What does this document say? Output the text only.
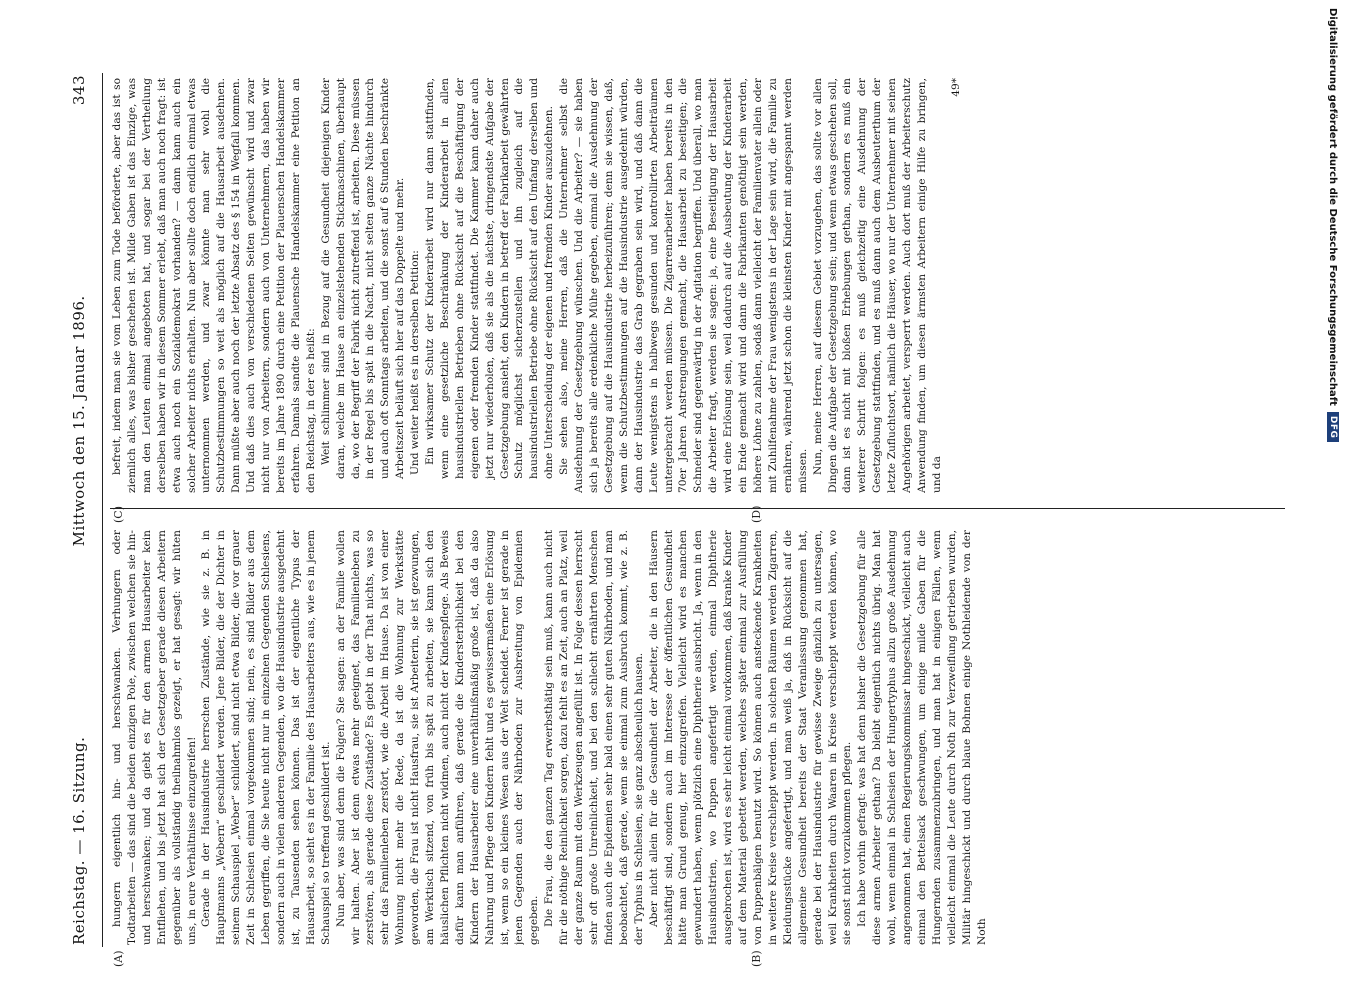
Reichstag. — 16. Sitzung.
Mittwoch den 15. Januar 1896.
343
(A)	(B)
(C)	(D)

hungern eigentlich hin- und herschwanken. Verhungern oder Todtarbeiten — das sind die beiden einzigen Pole, zwischen welchen sie hin- und herschwanken; und da giebt es für den armen Hausarbeiter kein Entfliehen, und bis jetzt hat sich der Gesetzgeber gerade diesen Arbeitern gegenüber als vollständig theilnahmlos gezeigt, er hat gesagt: wir hüten uns, in eure Verhältnisse einzugreifen! Gerade in der Hausindustrie herrschen Zustände, wie sie z. B. in Hauptmanns „Webern“ geschildert werden. Jene Bilder, die der Dichter in seinem Schauspiel „Weber“ schildert, sind nicht etwa Bilder, die vor grauer Zeit in Schlesien einmal vorgekommen sind; nein, es sind Bilder aus dem Leben gegriffen, die Sie heute nicht nur in einzelnen Gegenden Schlesiens, sondern auch in vielen anderen Gegenden, wo die Hausindustrie ausgedehnt ist, zu Tausenden sehen können. Das ist der eigentliche Typus der Hausarbeit, so sieht es in der Familie des Hausarbeiters aus, wie es in jenem Schauspiel so treffend geschildert ist. Nun aber, was sind denn die Folgen? Sie sagen: an der Familie wollen wir halten. Aber ist denn etwas mehr geeignet, das Familienleben zu zerstören, als gerade diese Zustände? Es giebt in der That nichts, was so sehr das Familienleben zerstört, wie die Arbeit im Hause. Da ist von einer Wohnung nicht mehr die Rede, da ist die Wohnung zur Werkstätte geworden, die Frau ist nicht Hausfrau, sie ist Arbeiterin, sie ist gezwungen, am Werktisch sitzend, von früh bis spät zu arbeiten, sie kann sich den häuslichen Pflichten nicht widmen, auch nicht der Kindespflege. Als Beweis dafür kann man anführen, daß gerade die Kindersterblichkeit bei den Kindern der Hausarbeiter eine unverhältnißmäßig große ist, daß da also Nahrung und Pflege den Kindern fehlt und es gewissermaßen eine Erlösung ist, wenn so ein kleines Wesen aus der Welt scheidet. Ferner ist gerade in jenen Gegenden auch der Nährboden zur Ausbreitung von Epidemien gegeben. Die Frau, die den ganzen Tag erwerbsthätig sein muß, kann auch nicht für die nöthige Reinlichkeit sorgen, dazu fehlt es an Zeit, auch an Platz, weil der ganze Raum mit den Werkzeugen angefüllt ist. In Folge dessen herrscht sehr oft große Unreinlichkeit, und bei den schlecht ernährten Menschen finden auch die Epidemien sehr bald einen sehr guten Nährboden, und man beobachtet, daß gerade, wenn sie einmal zum Ausbruch kommt, wie z. B. der Typhus in Schlesien, sie ganz abscheulich hausen. Aber nicht allein für die Gesundheit der Arbeiter, die in den Häusern beschäftigt sind, sondern auch im Interesse der öffentlichen Gesundheit hätte man Grund genug, hier einzugreifen. Vielleicht wird es manchen gewundert haben, wenn plötzlich eine Diphtherie ausbricht. Ja, wenn in den Hausindustrien, wo Puppen angefertigt werden, einmal Diphtherie ausgebrochen ist, wird es sehr leicht einmal vorkommen, daß kranke Kinder auf dem Material gebettet werden, welches später einmal zur Ausfüllung von Puppenbälgen benutzt wird. So können auch ansteckende Krankheiten in weitere Kreise verschleppt werden. In solchen Räumen werden Zigarren, Kleidungsstücke angefertigt, und man weiß ja, daß in Rücksicht auf die allgemeine Gesundheit bereits der Staat Veranlassung genommen hat, gerade bei der Hausindustrie für gewisse Zweige gänzlich zu untersagen, weil Krankheiten durch Waaren in Kreise verschleppt werden können, wo sie sonst nicht vorzukommen pflegen. Ich habe vorhin gefragt: was hat denn bisher die Gesetzgebung für alle diese armen Arbeiter gethan? Da bleibt eigentlich nichts übrig. Man hat wohl, wenn einmal in Schlesien der Hungertyphus allzu große Ausdehnung angenommen hat, einen Regierungskommissar hingeschickt, vielleicht auch einmal den Bettelsack geschwungen, um einige milde Gaben für die Hungernden zusammenzubringen, und man hat in einigen Fällen, wenn vielleicht einmal die Leute durch Noth zur Verzweiflung getrieben wurden, Militär hingeschickt und durch blaue Bohnen einige Nothleidende von der Noth

befreit, indem man sie vom Leben zum Tode beförderte, aber das ist so ziemlich alles, was bisher geschehen ist. Milde Gaben ist das Einzige, was man den Leuten einmal angeboten hat, und sogar bei der Vertheilung derselben haben wir in diesem Sommer erlebt, daß man auch noch fragt: ist etwa auch noch ein Sozialdemokrat vorhanden? — dann kann auch ein solcher Arbeiter nichts erhalten. Nun aber sollte doch endlich einmal etwas unternommen werden, und zwar könnte man sehr wohl die Schutzbestimmungen so weit als möglich auf die Hausarbeit ausdehnen. Dann müßte aber auch noch der letzte Absatz des § 154 in Wegfall kommen. Und daß dies auch von verschiedenen Seiten gewünscht wird und zwar nicht nur von Arbeitern, sondern auch von Unternehmern, das haben wir bereits im Jahre 1890 durch eine Petition der Plauenschen Handelskammer erfahren. Damals sandte die Plauensche Handelskammer eine Petition an den Reichstag, in der es heißt: Weit schlimmer sind in Bezug auf die Gesundheit diejenigen Kinder daran, welche im Hause an einzelstehenden Stickmaschinen, überhaupt da, wo der Begriff der Fabrik nicht zutreffend ist, arbeiten. Diese müssen in der Regel bis spät in die Nacht, nicht selten ganze Nächte hindurch und auch oft Sonntags arbeiten, und die sonst auf 6 Stunden beschränkte Arbeitszeit beläuft sich hier auf das Doppelte und mehr. Und weiter heißt es in derselben Petition: Ein wirksamer Schutz der Kinderarbeit wird nur dann stattfinden, wenn eine gesetzliche Beschränkung der Kinderarbeit in allen hausindustriellen Betrieben ohne Rücksicht auf die Beschäftigung der eigenen oder fremden Kinder stattfindet. Die Kammer kann daher auch jetzt nur wiederholen, daß sie als die nächste, dringendste Aufgabe der Gesetzgebung ansieht, den Kindern in betreff der Fabrikarbeit gewährten Schutz möglichst sicherzustellen und ihn zugleich auf die hausindustriellen Betriebe ohne Rücksicht auf den Umfang derselben und ohne Unterscheidung der eigenen und fremden Kinder auszudehnen. Sie sehen also, meine Herren, daß die Unternehmer selbst die Ausdehnung der Gesetzgebung wünschen. Und die Arbeiter? — sie haben sich ja bereits alle erdenkliche Mühe gegeben, einmal die Ausdehnung der Gesetzgebung auf die Hausindustrie herbeizuführen; denn sie wissen, daß, wenn die Schutzbestimmungen auf die Hausindustrie ausgedehnt würden, dann der Hausindustrie das Grab gegraben sein wird, und daß dann die Leute wenigstens in halbwegs gesunden und kontrollirten Arbeiträumen untergebracht werden müssen. Die Zigarrenarbeiter haben bereits in den 70er Jahren Anstrengungen gemacht, die Hausarbeit zu beseitigen; die Schneider sind gegenwärtig in der Agitation begriffen. Und überall, wo man die Arbeiter fragt, werden sie sagen: ja, eine Beseitigung der Hausarbeit wird eine Erlösung sein, weil dadurch auf die Ausbeutung der Kinderarbeit ein Ende gemacht wird und dann die Fabrikanten genöthigt sein werden, höhere Löhne zu zahlen, sodaß dann vielleicht der Familienvater allein oder mit Zuhilfenahme der Frau wenigstens in der Lage sein wird, die Familie zu ernähren, während jetzt schon die kleinsten Kinder mit angespannt werden müssen. Nun, meine Herren, auf diesem Gebiet vorzugehen, das sollte vor allen Dingen die Aufgabe der Gesetzgebung sein; und wenn etwas geschehen soll, dann ist es nicht mit bloßen Erhebungen gethan, sondern es muß ein weiterer Schritt folgen: es muß gleichzeitig eine Ausdehnung der Gesetzgebung stattfinden, und es muß dann auch dem Ausbeuterthum der letzte Zufluchtsort, nämlich die Häuser, wo nur der Unternehmer mit seinen Angehörigen arbeitet, versperrt werden. Auch dort muß der Arbeiterschutz Anwendung finden, um diesen ärmsten Arbeitern einige Hilfe zu bringen, und da

49*	Digitalisierung gefördert durch die Deutsche Forschungsgemeinschaft
DFG
